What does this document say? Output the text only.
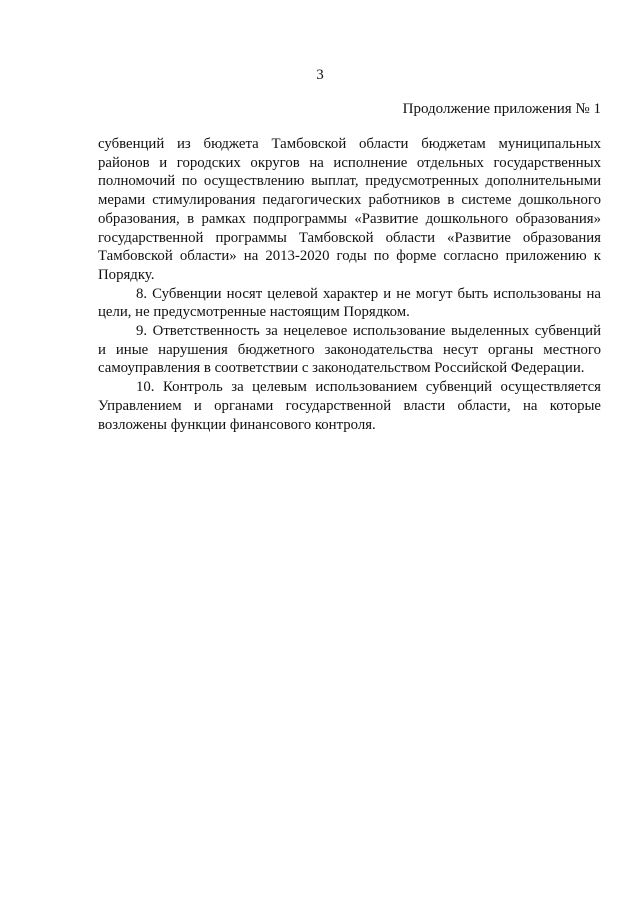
3

Продолжение приложения № 1

субвенций из бюджета Тамбовской области бюджетам муниципальных районов и городских округов на исполнение отдельных государственных полномочий по осуществлению выплат, предусмотренных дополнительными мерами стимулирования педагогических работников в системе дошкольного образования, в рамках подпрограммы «Развитие дошкольного образования» государственной программы Тамбовской области «Развитие образования Тамбовской области» на 2013-2020 годы по форме согласно приложению к Порядку.

8. Субвенции носят целевой характер и не могут быть использованы на цели, не предусмотренные настоящим Порядком.

9. Ответственность за нецелевое использование выделенных субвенций и иные нарушения бюджетного законодательства несут органы местного самоуправления в соответствии с законодательством Российской Федерации.

10. Контроль за целевым использованием субвенций осуществляется Управлением и органами государственной власти области, на которые возложены функции финансового контроля.
